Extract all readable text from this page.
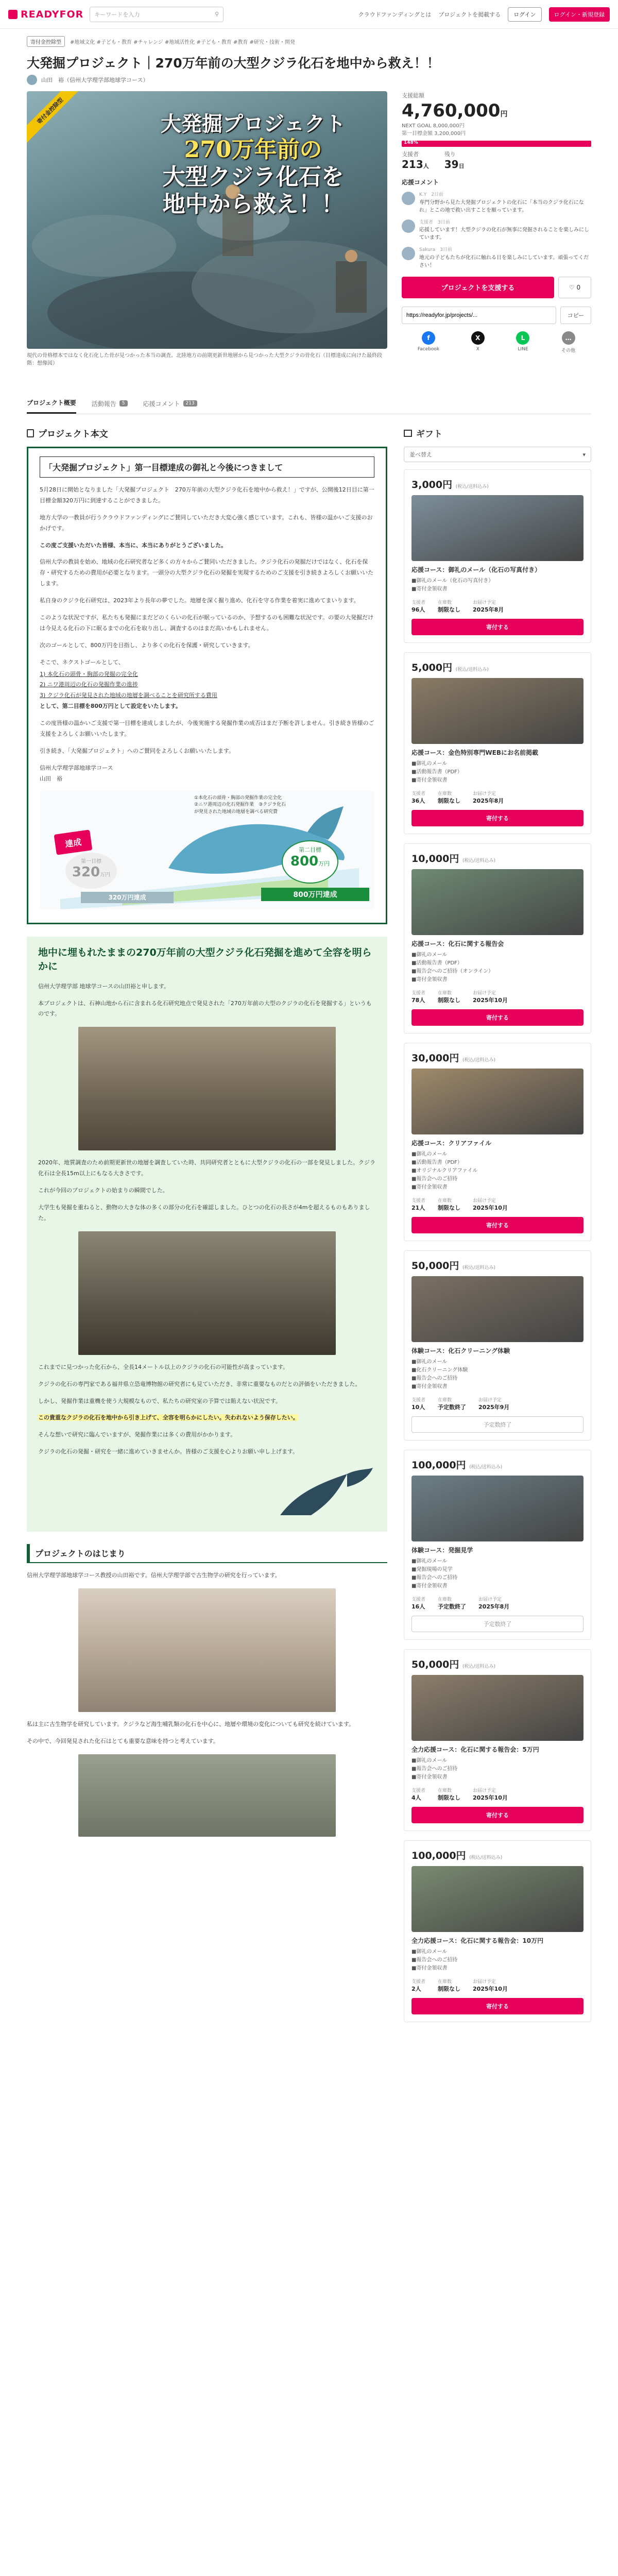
READYFOR キーワードを入力	⚲	クラウドファンディングとは プロジェクトを掲載する	ログイン	ログイン・新規登録
寄付金控除型	#地域文化 #子ども・教育 #チャレンジ #地域活性化 #子ども・教育 #教育 #研究・技術・開発
大発掘プロジェクト｜270万年前の大型クジラ化石を地中から救え！！
山田　裕（信州大学理学部地球学コース）
寄付金控除型	大発掘プロジェクト
270万年前の
大型クジラ化石を
地中から救え！！
現代の骨格標本ではなく化石化した骨が見つかった本当の調査。北陸地方の前期更新世地層から見つかった大型クジラの骨化石（目標達成に向けた最終段階：想像図）
支援総額
4,760,000円
NEXT GOAL 8,000,000円
第一目標金額 3,200,000円
148%
支援者
213人
残り
39日
応援コメント
K.Y　 2日前
専門分野から見た大発掘プロジェクトの化石に「本当のクジラ化石になれ」とこの地で救い出すことを願っています。
支援者　 3日前
応援しています！大型クジラの化石が無事に発掘されることを楽しみにしています。
Sakura　 3日前
地元の子どもたちが化石に触れる日を楽しみにしています。頑張ってください！
プロジェクトを支援する	♡ 0
https://readyfor.jp/projects/...
コピー
f
Facebook
X
X
L
LINE
…
その他
プロジェクト概要	活動報告	5	応援コメント	213
プロジェクト本文
「大発掘プロジェクト」第一目標達成の御礼と今後につきまして

5月28日に開始となりました「大発掘プロジェクト　270万年前の大型クジラ化石を地中から救え！」ですが、公開後12日目に第一目標金額320万円に到達することができました。

地方大学の一教員が行うクラウドファンディングにご賛同していただき大変心強く感じています。これも、皆様の温かいご支援のおかげです。

この度ご支援いただいた皆様、本当に、本当にありがとうございました。

信州大学の教員を始め、地域の化石研究者など多くの方々からご賛同いただきました。クジラ化石の発掘だけではなく、化石を保存・研究するための費用が必要となります。一頭分の大型クジラ化石の発掘を実現するためのご支援を引き続きよろしくお願いいたします。

私自身のクジラ化石研究は、2023年より長年の夢でした。地層を深く掘り進め、化石を守る作業を着実に進めてまいります。

このような状況ですが、私たちも発掘にまだどのくらいの化石が眠っているのか、予想するのも困難な状況です。の要の大発掘だけは今見える化石の下に眠るまでの化石を取り出し、調査するのはまだ高いかもしれません。

次のゴールとして、800万円を目指し、より多くの化石を保護・研究していきます。

そこで、ネクストゴールとして、

1) 本化石の頭骨・胸部の発掘の完全化

2) ニワ港周辺の化石の発掘作業の進捗

3) クジラ化石が発見された地域の地層を調べることを研究所する費用

として、第二目標を800万円として設定をいたします。

この度皆様の温かいご支援で第一目標を達成しましたが、今後実施する発掘作業の成否はまだ予断を許しません。引き続き皆様のご支援をよろしくお願いいたします。

引き続き、「大発掘プロジェクト」へのご賛同をよろしくお願いいたします。

信州大学理学部地球学コース

山田　裕

①本化石の頭骨・胸部の発掘作業の完全化　②ニワ港周辺の化石発掘作業　③クジラ化石が発見された地域の地層を調べる研究費
達成
第一目標
320万円
320万円達成
第二目標
800万円
800万円達成
地中に埋もれたままの270万年前の大型クジラ化石発掘を進めて全容を明らかに

信州大学理学部 地球学コースの山田裕と申します。

本プロジェクトは、石神山地から石に含まれる化石研究地点で発見された「270万年前の大型のクジラの化石を発掘する」というものです。

2020年、地質調査のため前期更新世の地層を調査していた時、共同研究者とともに大型クジラの化石の一部を発見しました。クジラ化石は全長15m以上にもなる大きさです。

これが今回のプロジェクトの始まりの瞬間でした。

大学生も発掘を重ねると、動物の大きな体の多くの部分の化石を確認しました。ひとつの化石の長さが4mを超えるものもありました。

これまでに見つかった化石から、全長14メートル以上のクジラの化石の可能性が高まっています。

クジラの化石の専門家である福井県立恐竜博物館の研究者にも見ていただき、非常に重要なものだとの評価をいただきました。

しかし、発掘作業は重機を使う大規模なもので、私たちの研究室の予算では賄えない状況です。

この貴重なクジラの化石を地中から引き上げて、全容を明らかにしたい。失われないよう保存したい。

そんな想いで研究に臨んでいますが、発掘作業には多くの費用がかかります。

クジラの化石の発掘・研究を一緒に進めていきませんか。皆様のご支援を心よりお願い申し上げます。

プロジェクトのはじまり

信州大学理学部地球学コース教授の山田裕です。信州大学理学部で古生物学の研究を行っています。

私は主に古生物学を研究しています。クジラなど海生哺乳類の化石を中心に、地層や環境の変化についても研究を続けています。

その中で、今回発見された化石はとても重要な意味を持つと考えています。

ギフト
並べ替え	▾
3,000円 (税込/送料込み)
応援コース：御礼のメール（化石の写真付き）
■御礼のメール（化石の写真付き）
■寄付金領収書
支援者
96人
在庫数
制限なし
お届け予定
2025年8月
寄付する
5,000円 (税込/送料込み)
応援コース：金色特別専門WEBにお名前掲載
■御礼のメール
■活動報告書（PDF）
■寄付金領収書
支援者
36人
在庫数
制限なし
お届け予定
2025年8月
寄付する
10,000円 (税込/送料込み)
応援コース：化石に関する報告会
■御礼のメール
■活動報告書（PDF）
■報告会へのご招待（オンライン）
■寄付金領収書
支援者
78人
在庫数
制限なし
お届け予定
2025年10月
寄付する
30,000円 (税込/送料込み)
応援コース：クリアファイル
■御礼のメール
■活動報告書（PDF）
■オリジナルクリアファイル
■報告会へのご招待
■寄付金領収書
支援者
21人
在庫数
制限なし
お届け予定
2025年10月
寄付する
50,000円 (税込/送料込み)
体験コース：化石クリーニング体験
■御礼のメール
■化石クリーニング体験
■報告会へのご招待
■寄付金領収書
支援者
10人
在庫数
予定数終了
お届け予定
2025年9月
予定数終了
100,000円 (税込/送料込み)
体験コース：発掘見学
■御礼のメール
■発掘現場の見学
■報告会へのご招待
■寄付金領収書
支援者
16人
在庫数
予定数終了
お届け予定
2025年8月
予定数終了
50,000円 (税込/送料込み)
全力応援コース：化石に関する報告会：5万円
■御礼のメール
■報告会へのご招待
■寄付金領収書
支援者
4人
在庫数
制限なし
お届け予定
2025年10月
寄付する
100,000円 (税込/送料込み)
全力応援コース：化石に関する報告会：10万円
■御礼のメール
■報告会へのご招待
■寄付金領収書
支援者
2人
在庫数
制限なし
お届け予定
2025年10月
寄付する
